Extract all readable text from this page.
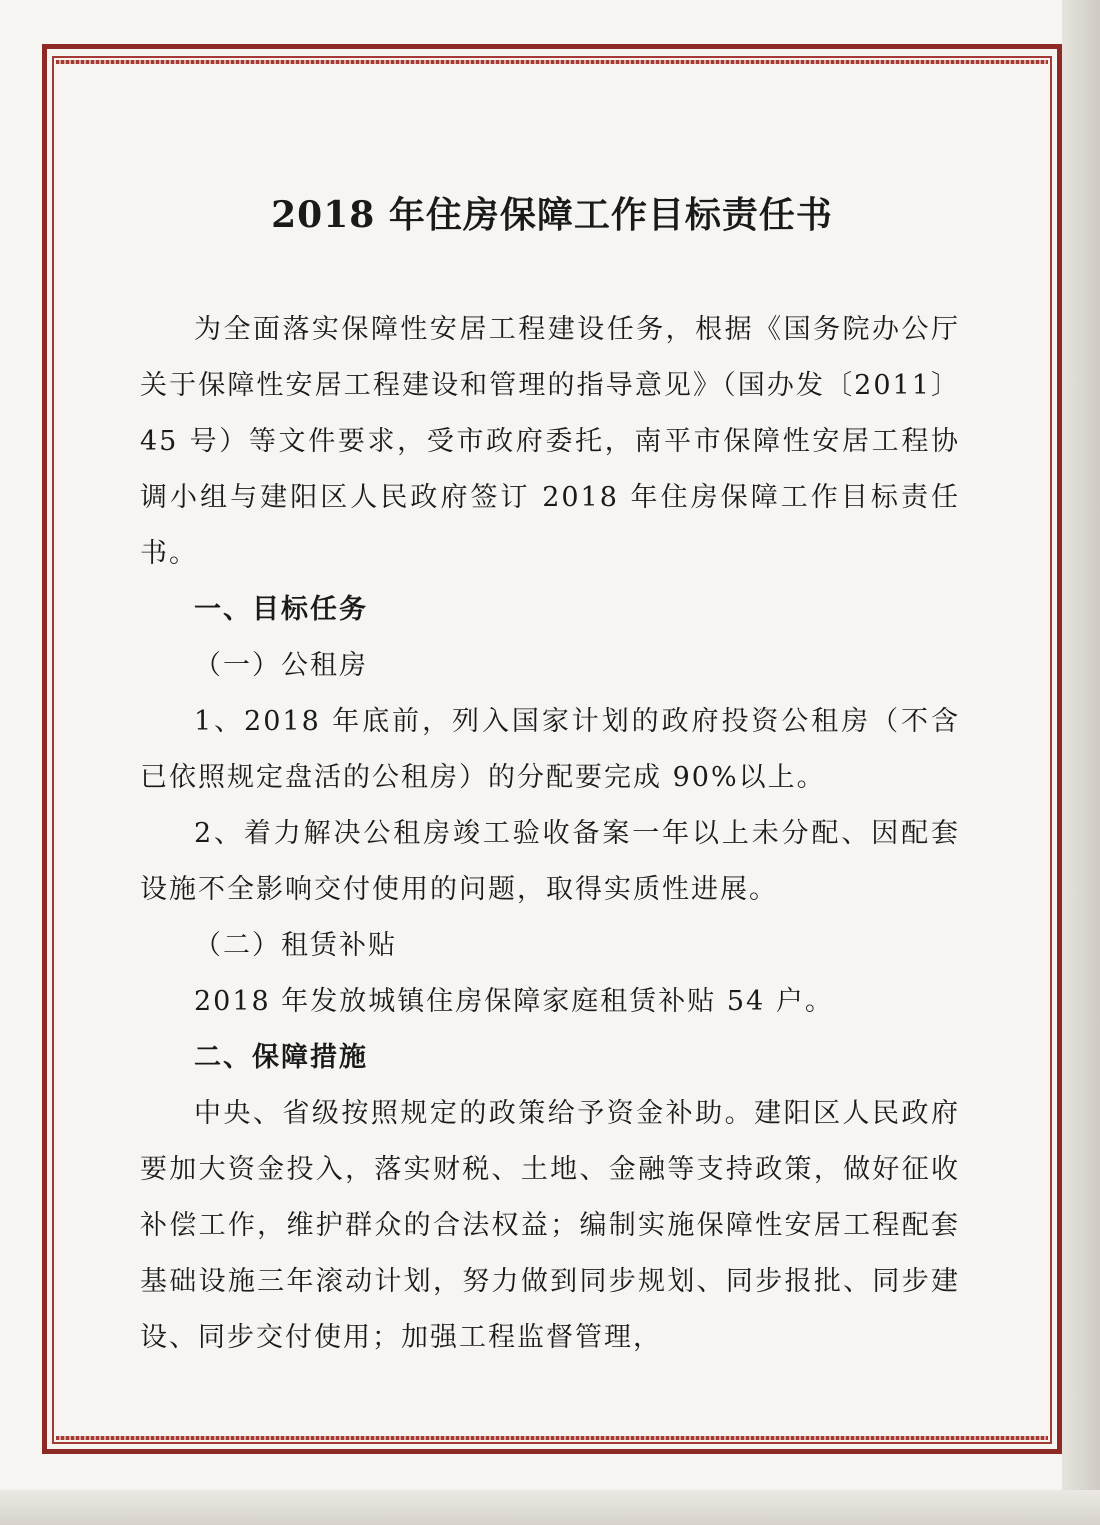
2018 年住房保障工作目标责任书

为全面落实保障性安居工程建设任务，根据《国务院办公厅关于保障性安居工程建设和管理的指导意见》（国办发〔2011〕45 号）等文件要求，受市政府委托，南平市保障性安居工程协调小组与建阳区人民政府签订 2018 年住房保障工作目标责任书。

一、目标任务

（一）公租房

1、2018 年底前，列入国家计划的政府投资公租房（不含已依照规定盘活的公租房）的分配要完成 90%以上。

2、着力解决公租房竣工验收备案一年以上未分配、因配套设施不全影响交付使用的问题，取得实质性进展。

（二）租赁补贴

2018 年发放城镇住房保障家庭租赁补贴 54 户。

二、保障措施

中央、省级按照规定的政策给予资金补助。建阳区人民政府要加大资金投入，落实财税、土地、金融等支持政策，做好征收补偿工作，维护群众的合法权益；编制实施保障性安居工程配套基础设施三年滚动计划，努力做到同步规划、同步报批、同步建设、同步交付使用；加强工程监督管理，
